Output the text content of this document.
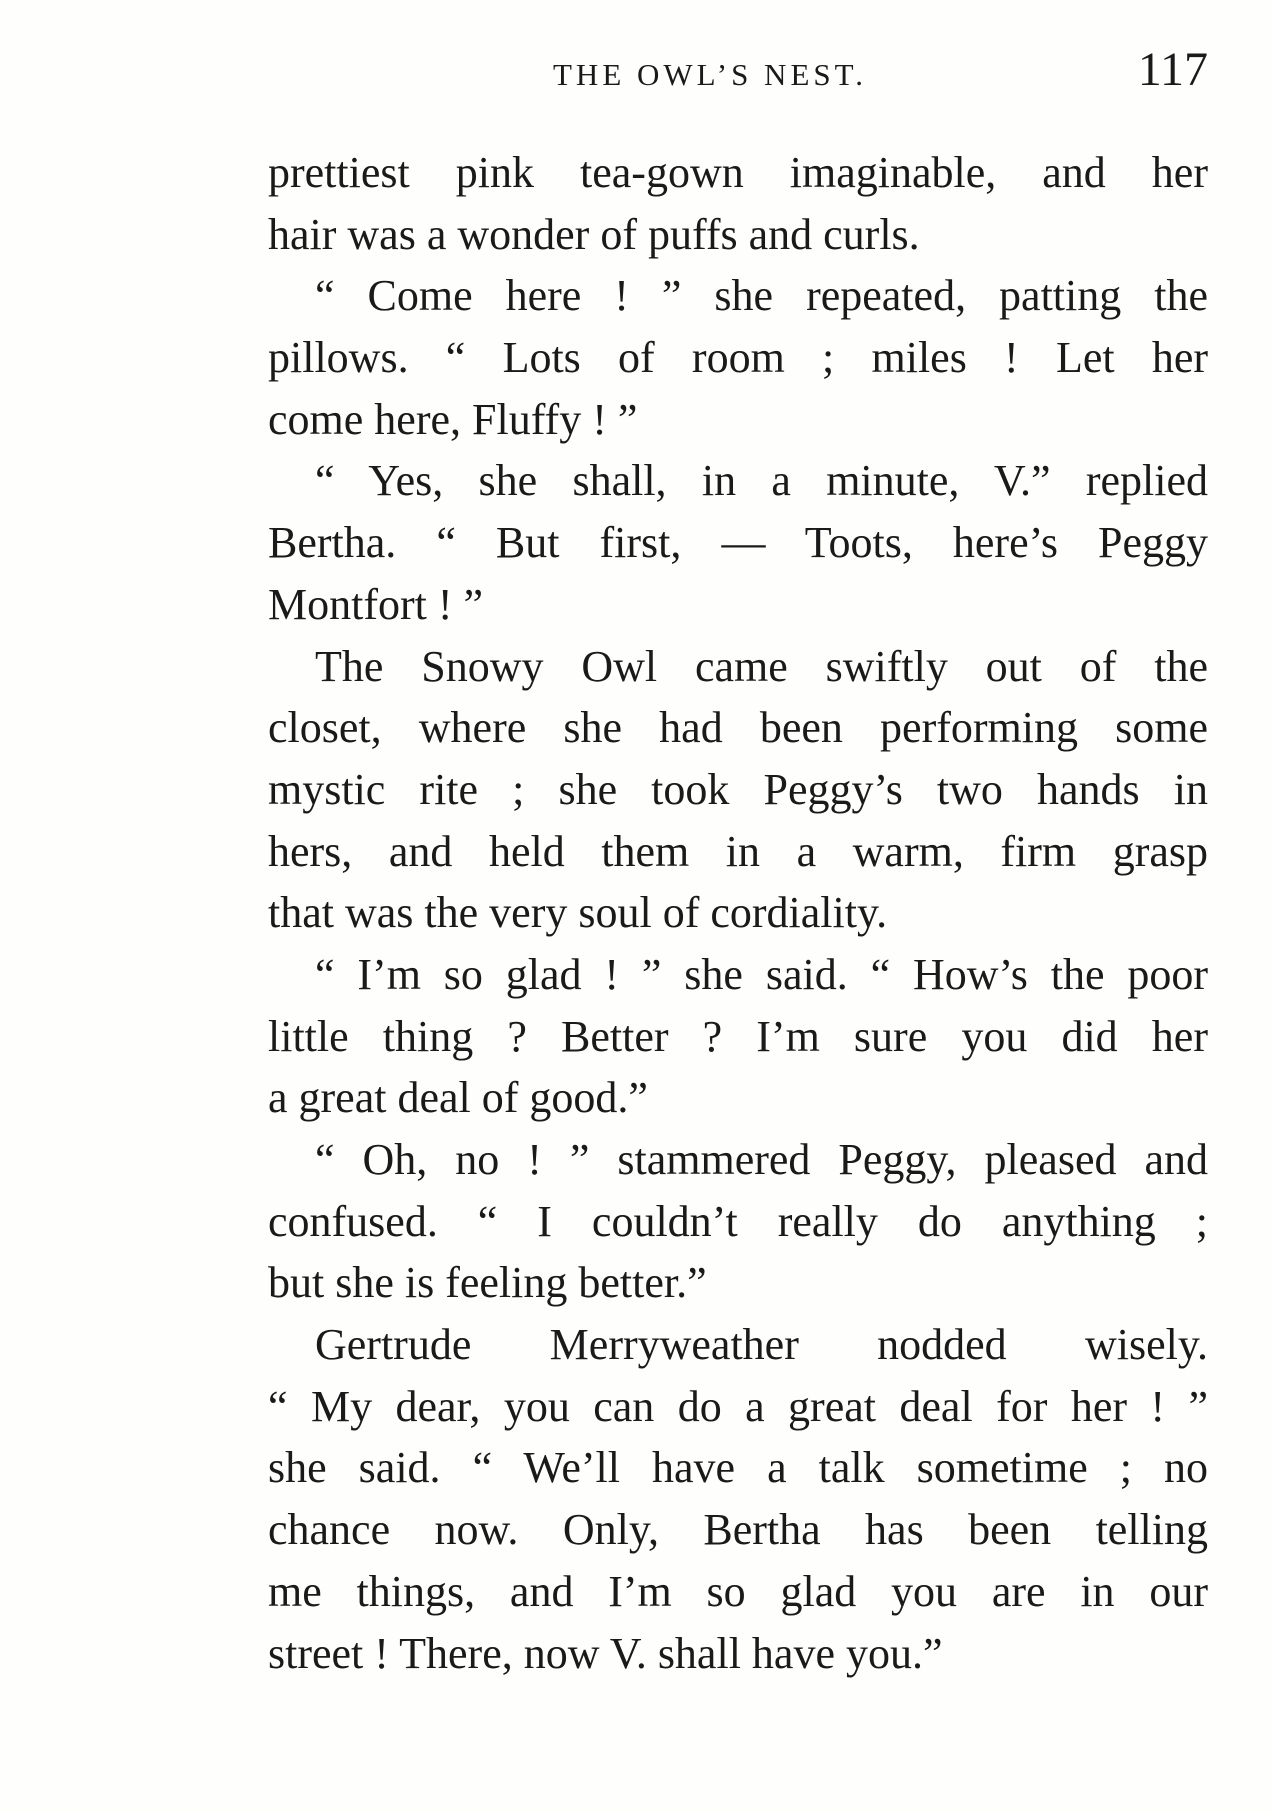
THE OWL’S NEST.	117
prettiest pink tea-gown imaginable, and her
hair was a wonder of puffs and curls.
“ Come here ! ” she repeated, patting the
pillows. “ Lots of room ; miles ! Let her
come here, Fluffy ! ”
“ Yes, she shall, in a minute, V.” replied
Bertha. “ But first, — Toots, here’s Peggy
Montfort ! ”
The Snowy Owl came swiftly out of the
closet, where she had been performing some
mystic rite ; she took Peggy’s two hands in
hers, and held them in a warm, firm grasp
that was the very soul of cordiality.
“ I’m so glad ! ” she said. “ How’s the poor
little thing ? Better ? I’m sure you did her
a great deal of good.”
“ Oh, no ! ” stammered Peggy, pleased and
confused. “ I couldn’t really do anything ;
but she is feeling better.”
Gertrude Merryweather nodded wisely.
“ My dear, you can do a great deal for her ! ”
she said. “ We’ll have a talk sometime ; no
chance now. Only, Bertha has been telling
me things, and I’m so glad you are in our
street ! There, now V. shall have you.”
